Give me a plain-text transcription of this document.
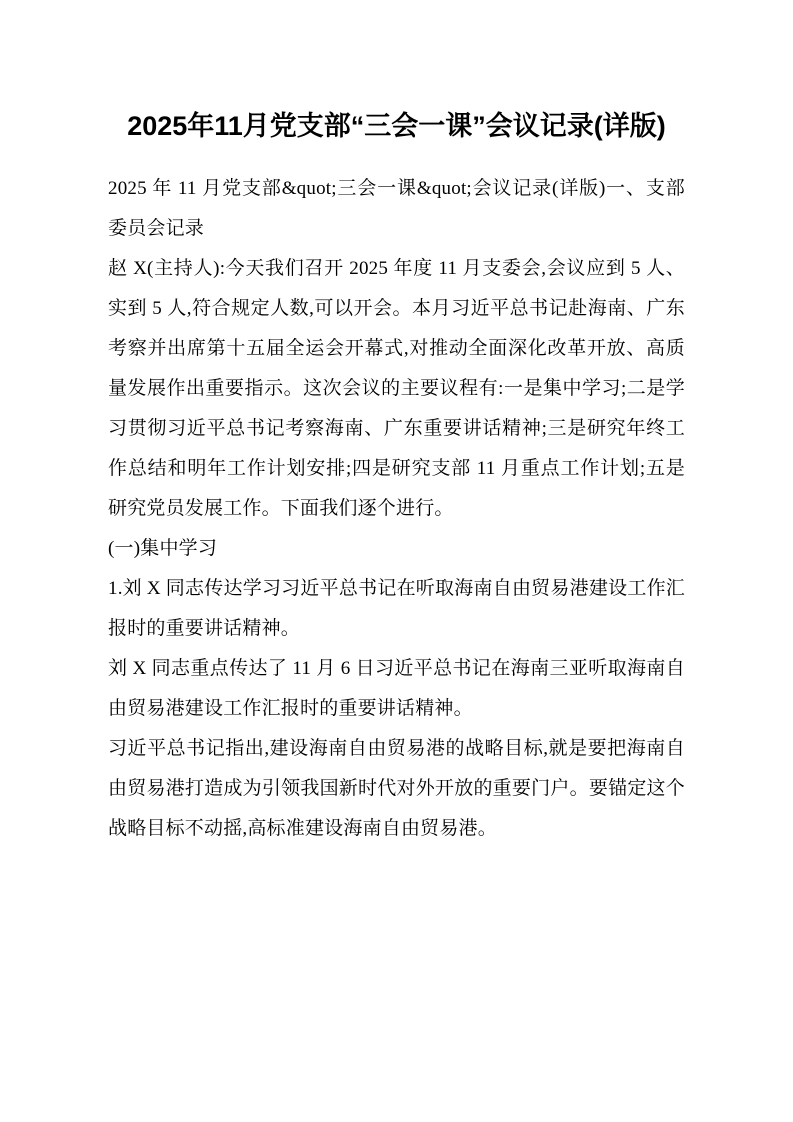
2025年11月党支部“三会一课”会议记录(详版)

2025 年 11 月党支部&quot;三会一课&quot;会议记录(详版)一、支部委员会记录

赵 X(主持人):今天我们召开 2025 年度 11 月支委会,会议应到 5 人、实到 5 人,符合规定人数,可以开会。本月习近平总书记赴海南、广东考察并出席第十五届全运会开幕式,对推动全面深化改革开放、高质量发展作出重要指示。这次会议的主要议程有:一是集中学习;二是学习贯彻习近平总书记考察海南、广东重要讲话精神;三是研究年终工作总结和明年工作计划安排;四是研究支部 11 月重点工作计划;五是研究党员发展工作。下面我们逐个进行。

(一)集中学习

1.刘 X 同志传达学习习近平总书记在听取海南自由贸易港建设工作汇报时的重要讲话精神。

刘 X 同志重点传达了 11 月 6 日习近平总书记在海南三亚听取海南自由贸易港建设工作汇报时的重要讲话精神。

习近平总书记指出,建设海南自由贸易港的战略目标,就是要把海南自由贸易港打造成为引领我国新时代对外开放的重要门户。要锚定这个战略目标不动摇,高标准建设海南自由贸易港。
